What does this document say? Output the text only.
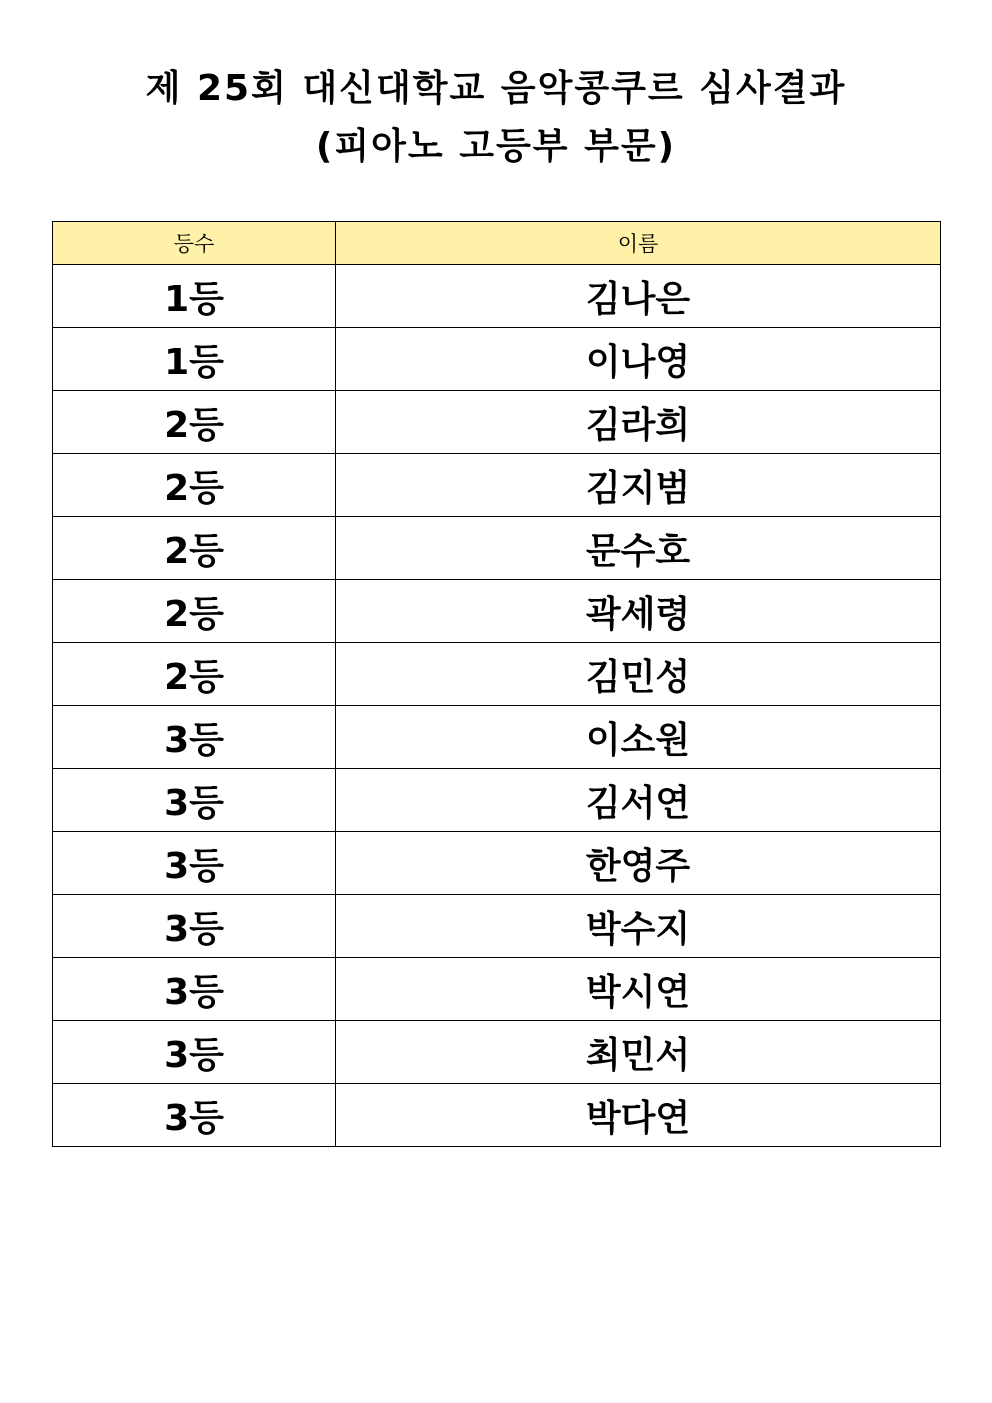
제 25회 대신대학교 음악콩쿠르 심사결과
(피아노 고등부 부문)
등수	이름
1등	김나은
1등	이나영
2등	김라희
2등	김지범
2등	문수호
2등	곽세령
2등	김민성
3등	이소원
3등	김서연
3등	한영주
3등	박수지
3등	박시연
3등	최민서
3등	박다연
